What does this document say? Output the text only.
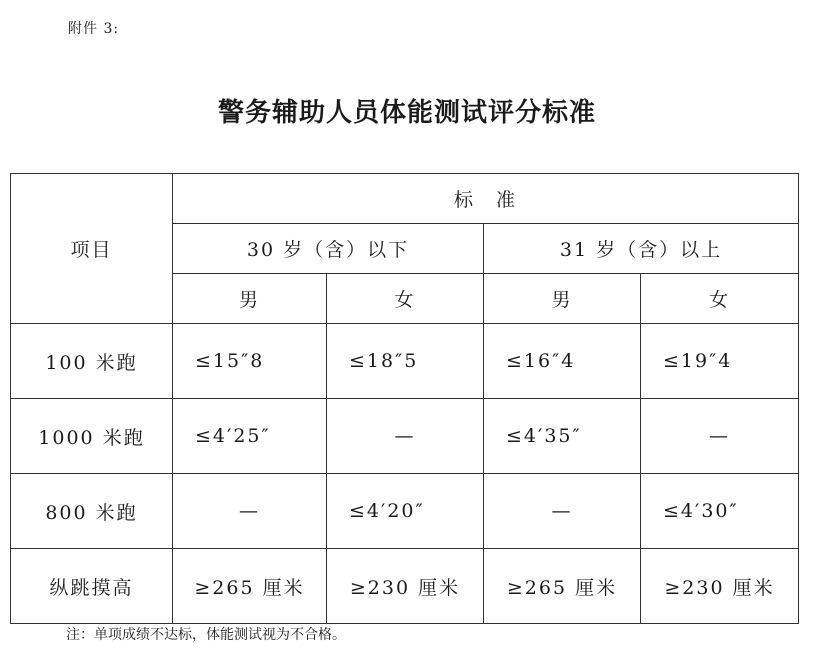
附件 3:
警务辅助人员体能测试评分标准
项目	标　准			
	30 岁（含）以下		31 岁（含）以上	
	男	女	男	女
100 米跑	≤15″8	≤18″5	≤16″4	≤19″4
1000 米跑	≤4′25″	—	≤4′35″	—
800 米跑	—	≤4′20″	—	≤4′30″
纵跳摸高	≥265 厘米	≥230 厘米	≥265 厘米	≥230 厘米
注：单项成绩不达标，体能测试视为不合格。
